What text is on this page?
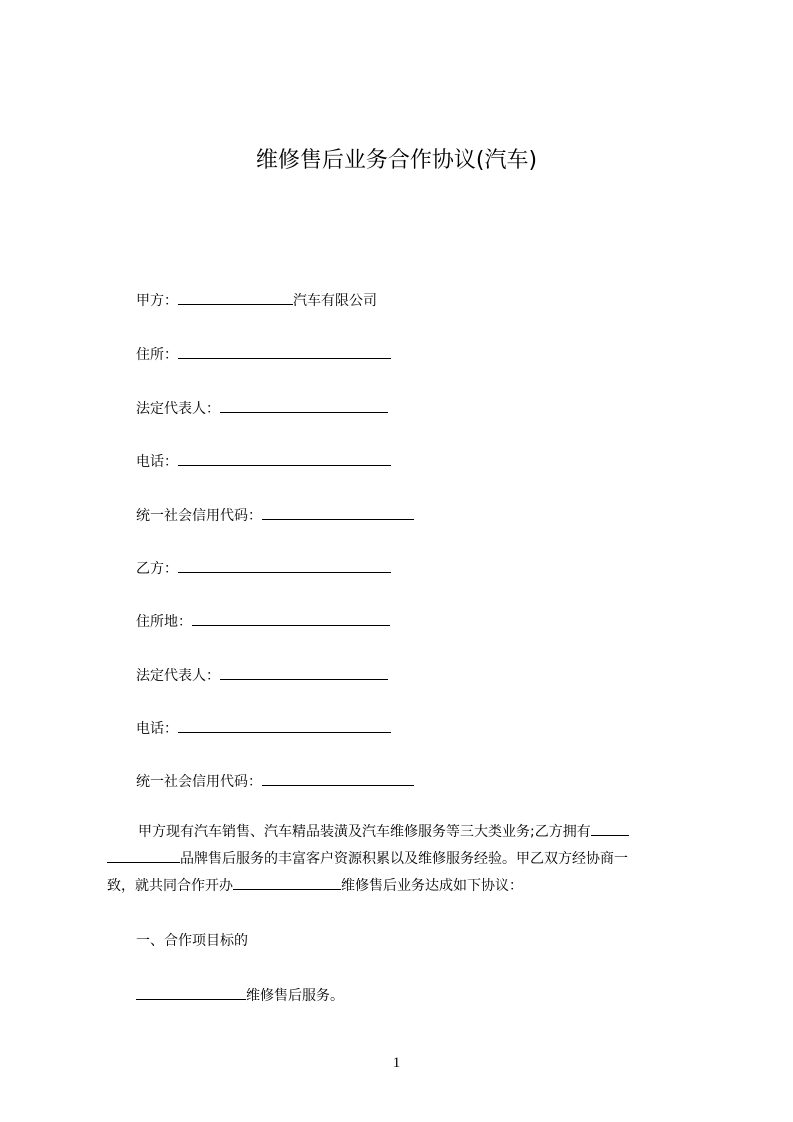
维修售后业务合作协议(汽车)
甲方：	汽车有限公司
住所：
法定代表人：
电话：
统一社会信用代码：
乙方：
住所地：
法定代表人：
电话：
统一社会信用代码：
甲方现有汽车销售、汽车精品装潢及汽车维修服务等三大类业务;乙方拥有
品牌售后服务的丰富客户资源积累以及维修服务经验。甲乙双方经协商一
致，就共同合作开办	维修售后业务达成如下协议：
一、合作项目标的
维修售后服务。
1
